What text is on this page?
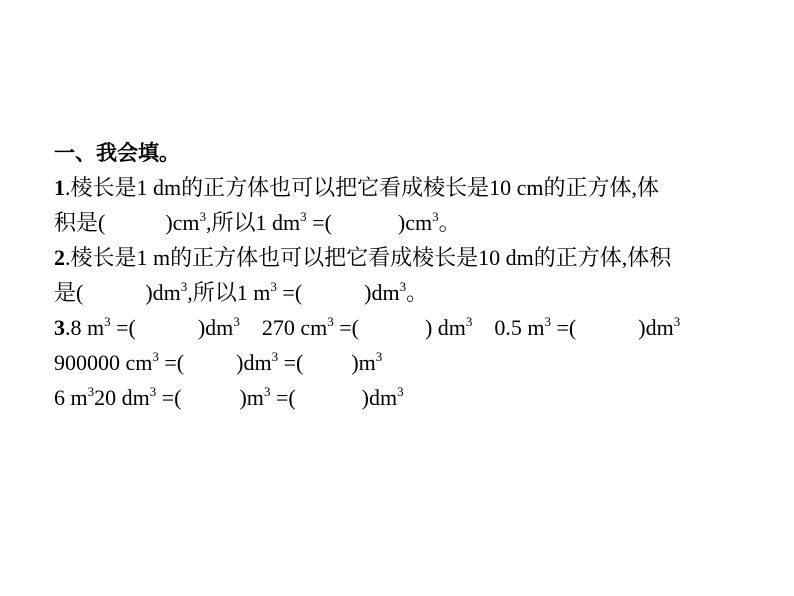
一、我会填。
1.棱长是1 dm的正方体也可以把它看成棱长是10 cm的正方体,体
积是(	)$cm^3$,所以1 $dm^3$ =(	)$cm^3$。
2.棱长是1 m的正方体也可以把它看成棱长是10 dm的正方体,体积
是(	)$dm^3$,所以1 $m^3$ =(	)$dm^3$。
3.8 $m^3$ =(	)$dm^3$ 270 $cm^3$ =(	) $dm^3$ 0.5 $m^3$ =(	)$dm^3$
900000 $cm^3$ =( )$dm^3$ =( )$m^3$
6 $m^320$ $dm^3$ =(	)$m^3$ =(	)$dm^3$
